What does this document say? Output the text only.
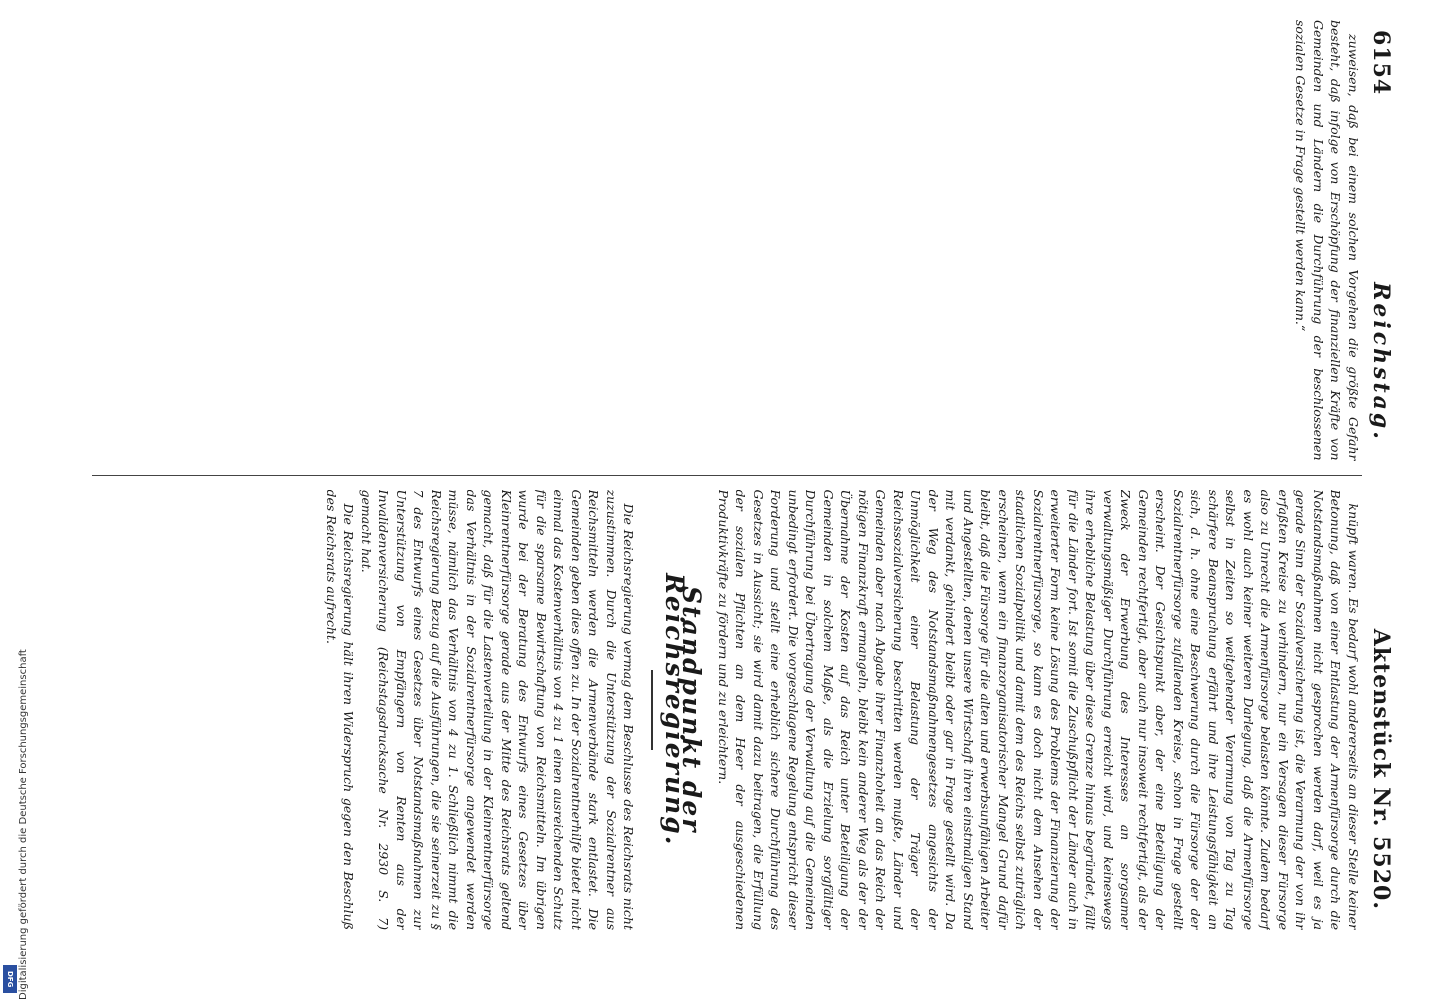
6154
Reichstag.
Aktenstück Nr. 5520.

zuweisen, daß bei einem solchen Vorgehen die größte Gefahr besteht, daß infolge von Erschöpfung der finanziellen Kräfte von Gemeinden und Ländern die Durchführung der beschlossenen sozialen Gesetze in Frage gestellt werden kann.“

knüpft waren. Es bedarf wohl andererseits an dieser Stelle keiner Betonung, daß von einer Entlastung der Armenfürsorge durch die Notstandsmaßnahmen nicht gesprochen werden darf, weil es ja gerade Sinn der Sozialversicherung ist, die Verarmung der von ihr erfaßten Kreise zu verhindern, nur ein Versagen dieser Fürsorge also zu Unrecht die Armenfürsorge belasten könnte. Zudem bedarf es wohl auch keiner weiteren Darlegung, daß die Armenfürsorge selbst in Zeiten so weitgehender Verarmung von Tag zu Tag schärfere Beanspruchung erfährt und ihre Leistungsfähigkeit an sich, d. h. ohne eine Beschwerung durch die Fürsorge der der Sozialrentnerfürsorge zufallenden Kreise, schon in Frage gestellt erscheint. Der Gesichtspunkt aber, der eine Beteiligung der Gemeinden rechtfertigt, aber auch nur insoweit rechtfertigt, als der Zweck der Erwerbung des Interesses an sorgsamer verwaltungsmäßiger Durchführung erreicht wird, und keineswegs ihre erhebliche Belastung über diese Grenze hinaus begründet, fällt für die Länder fort. Ist somit die Zuschußpflicht der Länder auch in erweiterter Form keine Lösung des Problems der Finanzierung der Sozialrentnerfürsorge, so kann es doch nicht dem Ansehen der staatlichen Sozialpolitik und damit dem des Reichs selbst zuträglich erscheinen, wenn ein finanzorganisatorischer Mangel Grund dafür bleibt, daß die Fürsorge für die alten und erwerbsunfähigen Arbeiter und Angestellten, denen unsere Wirtschaft ihren einstmaligen Stand mit verdankt, gehindert bleibt oder gar in Frage gestellt wird. Da der Weg des Notstandsmaßnahmengesetzes angesichts der Unmöglichkeit einer Belastung der Träger der Reichssozialversicherung beschritten werden mußte, Länder und Gemeinden aber nach Abgabe ihrer Finanzhoheit an das Reich der nötigen Finanzkraft ermangeln, bleibt kein anderer Weg als der der Übernahme der Kosten auf das Reich unter Beteiligung der Gemeinden in solchem Maße, als die Erzielung sorgfältiger Durchführung bei Übertragung der Verwaltung auf die Gemeinden unbedingt erfordert. Die vorgeschlagene Regelung entspricht dieser Forderung und stellt eine erheblich sichere Durchführung des Gesetzes in Aussicht; sie wird damit dazu beitragen, die Erfüllung der sozialen Pflichten an dem Heer der ausgeschiedenen Produktivkräfte zu fördern und zu erleichtern.

Standpunkt der Reichsregierung.

Die Reichsregierung vermag dem Beschlusse des Reichsrats nicht zuzustimmen. Durch die Unterstützung der Sozialrentner aus Reichsmitteln werden die Armenverbände stark entlastet. Die Gemeinden geben dies offen zu. In der Sozialrentnerhilfe bietet nicht einmal das Kostenverhältnis von 4 zu 1 einen ausreichenden Schutz für die sparsame Bewirtschaftung von Reichsmitteln. Im übrigen wurde bei der Beratung des Entwurfs eines Gesetzes über Kleinrentnerfürsorge gerade aus der Mitte des Reichsrats geltend gemacht, daß für die Lastenverteilung in der Kleinrentnerfürsorge das Verhältnis in der Sozialrentnerfürsorge angewendet werden müsse, nämlich das Verhältnis von 4 zu 1. Schließlich nimmt die Reichsregierung Bezug auf die Ausführungen, die sie seinerzeit zu § 7 des Entwurfs eines Gesetzes über Notstandsmaßnahmen zur Unterstützung von Empfängern von Renten aus der Invalidenversicherung (Reichstagsdrucksache Nr. 2930 S. 7) gemacht hat.

Die Reichsregierung hält ihren Widerspruch gegen den Beschluß des Reichsrats aufrecht.

Digitalisierung gefördert durch die Deutsche Forschungsgemeinschaft
DFG
